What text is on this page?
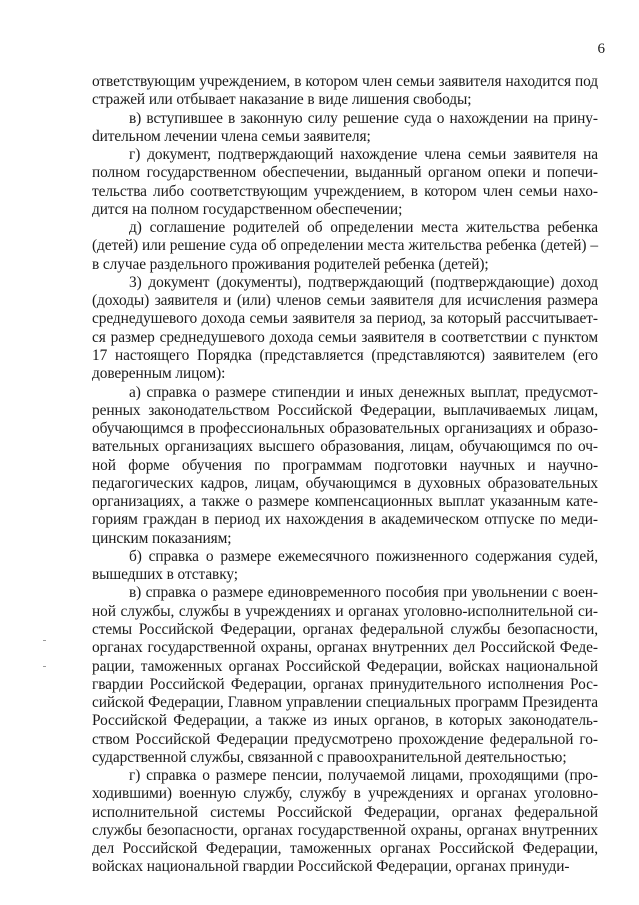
6

ответствующим учреждением, в котором член семьи заявителя находится под стражей или отбывает наказание в виде лишения свободы;

в) вступившее в законную силу решение суда о нахождении на принуdительном лечении члена семьи заявителя;

г) документ, подтверждающий нахождение члена семьи заявителя на полном государственном обеспечении, выданный органом опеки и попечительства либо соответствующим учреждением, в котором член семьи находится на полном государственном обеспечении;

д) соглашение родителей об определении места жительства ребенка (детей) или решение суда об определении места жительства ребенка (детей) – в случае раздельного проживания родителей ребенка (детей);

3) документ (документы), подтверждающий (подтверждающие) доход (доходы) заявителя и (или) членов семьи заявителя для исчисления размера среднедушевого дохода семьи заявителя за период, за который рассчитывается размер среднедушевого дохода семьи заявителя в соответствии с пунктом 17 настоящего Порядка (представляется (представляются) заявителем (его доверенным лицом):

а) справка о размере стипендии и иных денежных выплат, предусмотренных законодательством Российской Федерации, выплачиваемых лицам, обучающимся в профессиональных образовательных организациях и образовательных организациях высшего образования, лицам, обучающимся по очной форме обучения по программам подготовки научных и научно-педагогических кадров, лицам, обучающимся в духовных образовательных организациях, а также о размере компенсационных выплат указанным категориям граждан в период их нахождения в академическом отпуске по медицинским показаниям;

б) справка о размере ежемесячного пожизненного содержания судей, вышедших в отставку;

в) справка о размере единовременного пособия при увольнении с военной службы, службы в учреждениях и органах уголовно-исполнительной системы Российской Федерации, органах федеральной службы безопасности, органах государственной охраны, органах внутренних дел Российской Федерации, таможенных органах Российской Федерации, войсках национальной гвардии Российской Федерации, органах принудительного исполнения Российской Федерации, Главном управлении специальных программ Президента Российской Федерации, а также из иных органов, в которых законодательством Российской Федерации предусмотрено прохождение федеральной государственной службы, связанной с правоохранительной деятельностью;

г) справка о размере пенсии, получаемой лицами, проходящими (проходившими) военную службу, службу в учреждениях и органах уголовно-исполнительной системы Российской Федерации, органах федеральной службы безопасности, органах государственной охраны, органах внутренних дел Российской Федерации, таможенных органах Российской Федерации, войсках национальной гвардии Российской Федерации, органах принуди-
